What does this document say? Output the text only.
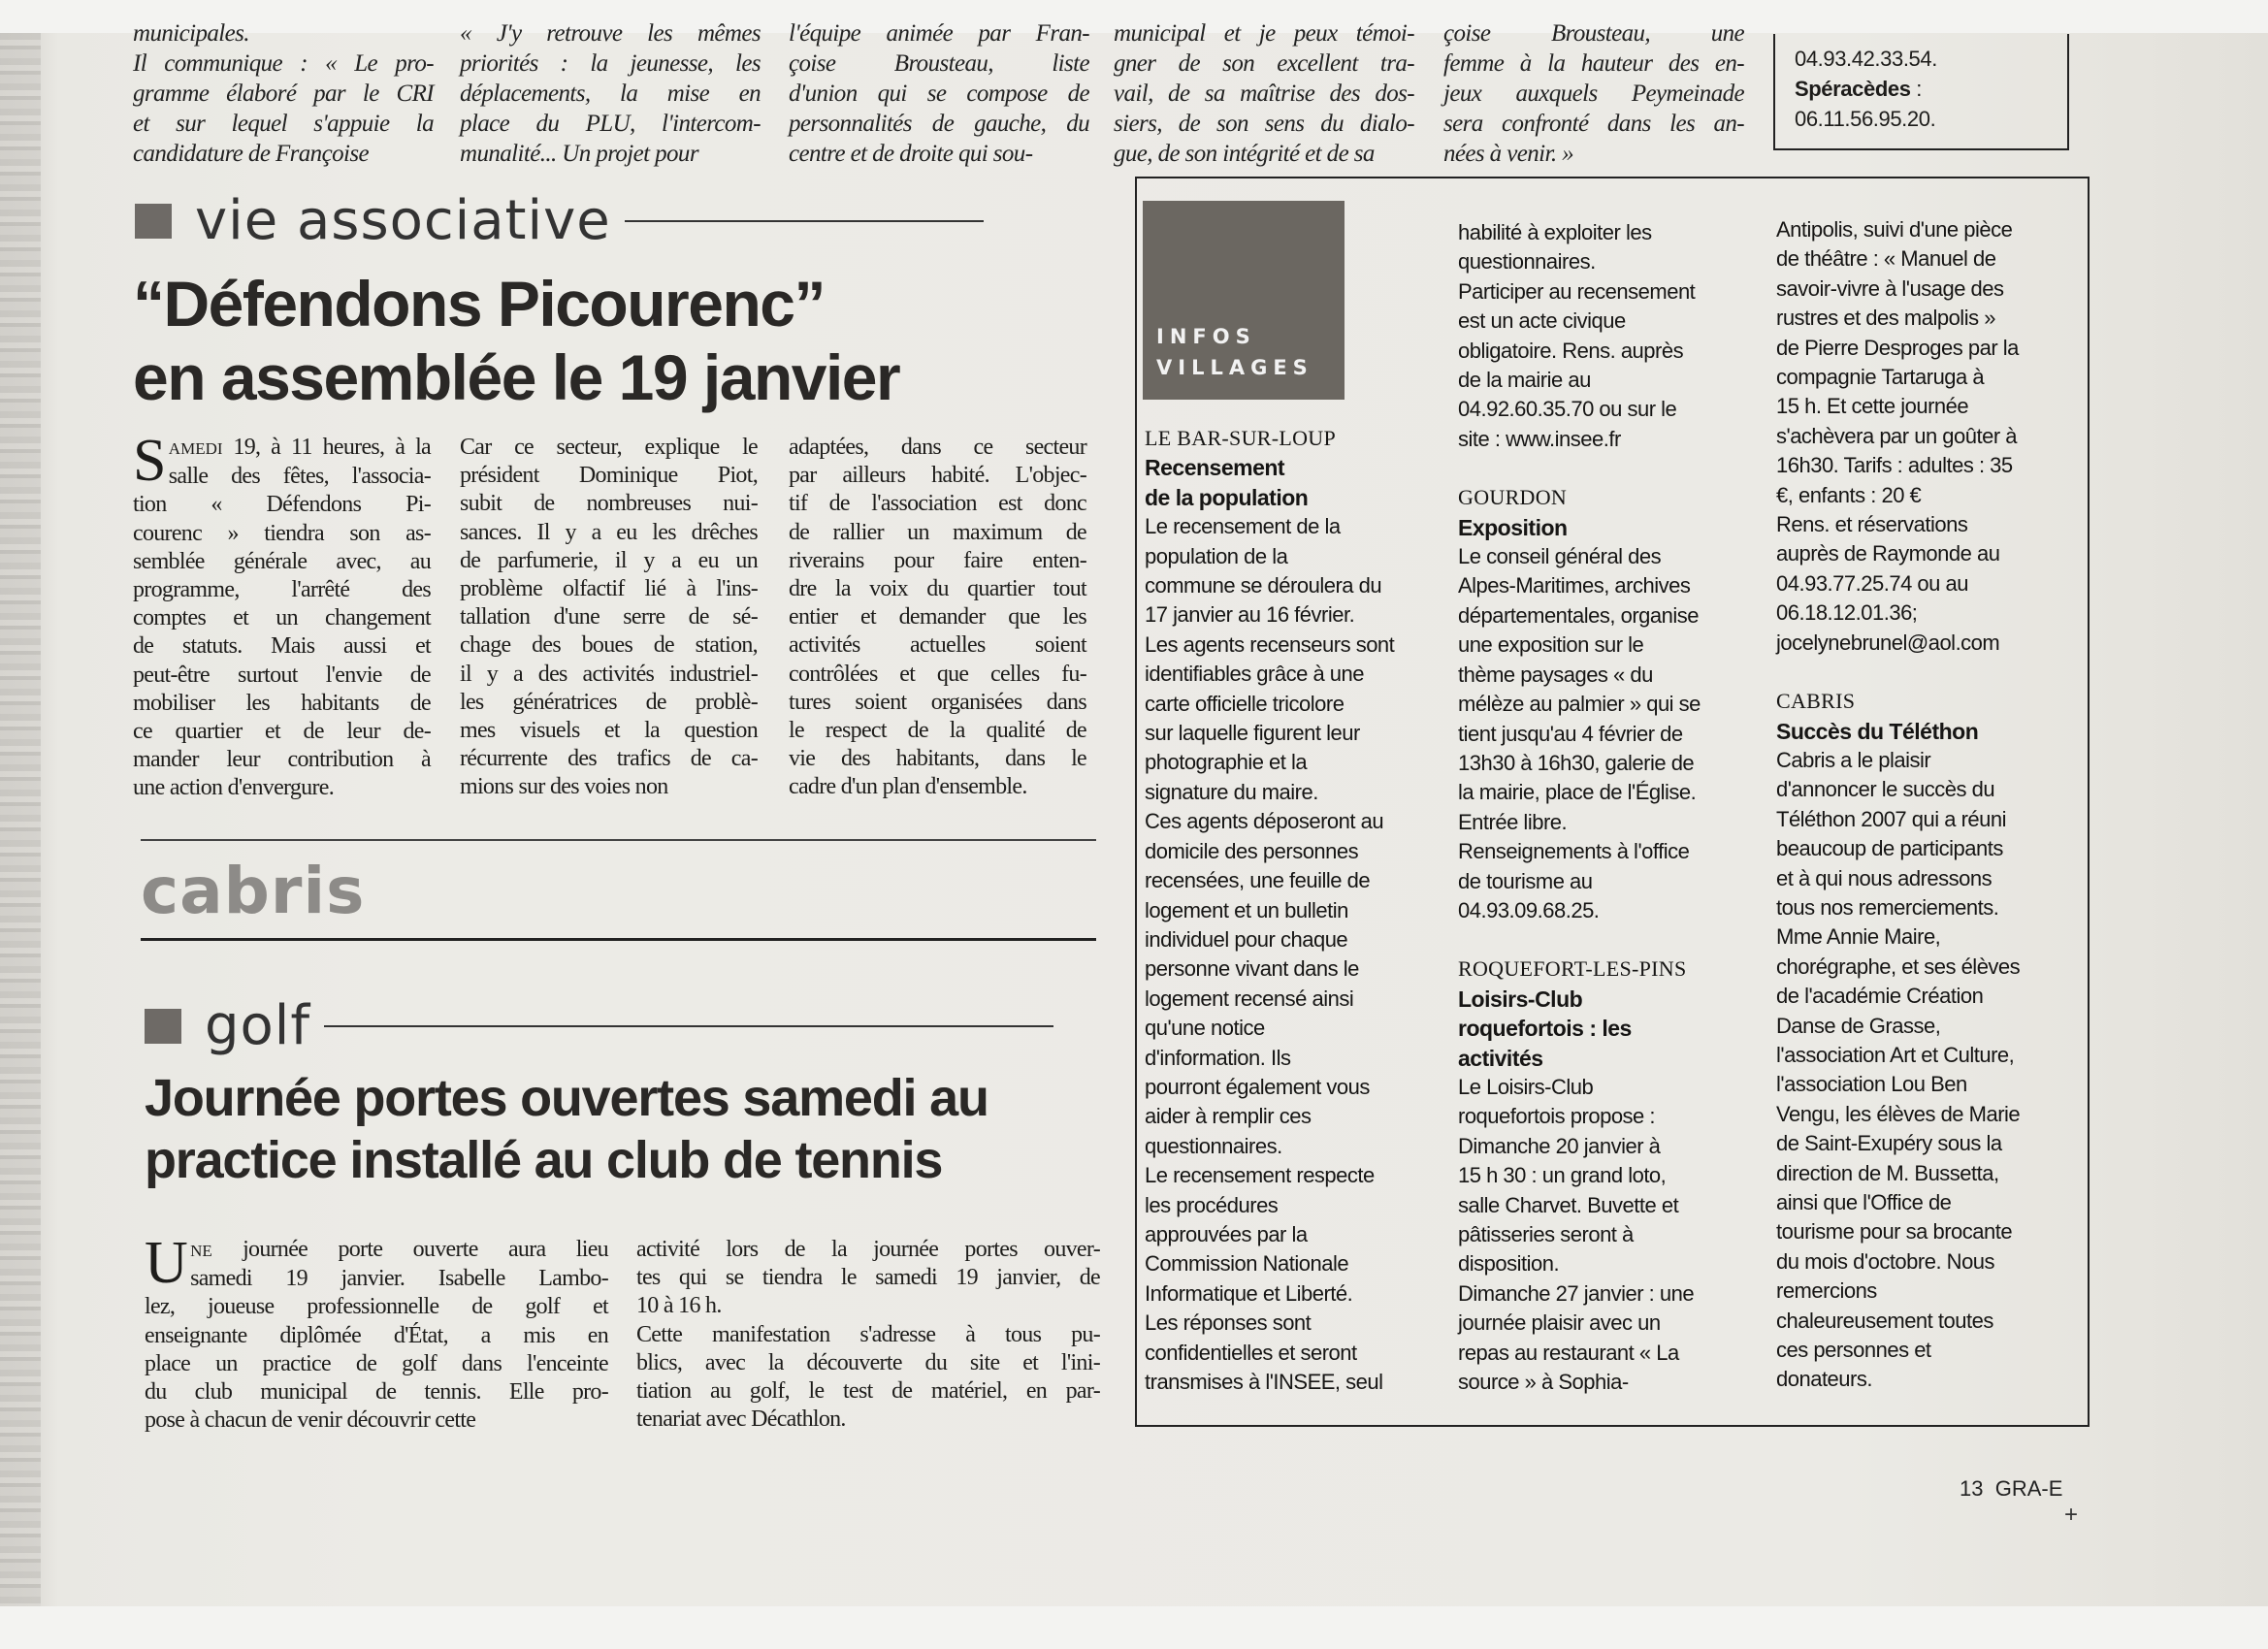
municipales.
Il communique : « Le pro-
gramme élaboré par le CRI
et sur lequel s'appuie la
candidature de Françoise
« J'y retrouve les mêmes
priorités : la jeunesse, les
déplacements, la mise en
place du PLU, l'intercom-
munalité... Un projet pour
l'équipe animée par Fran-
çoise Brousteau, liste
d'union qui se compose de
personnalités de gauche, du
centre et de droite qui sou-
municipal et je peux témoi-
gner de son excellent tra-
vail, de sa maîtrise des dos-
siers, de son sens du dialo-
gue, de son intégrité et de sa
çoise Brousteau, une
femme à la hauteur des en-
jeux auxquels Peymeinade
sera confronté dans les an-
nées à venir. »
04.93.42.33.54.
Spéracèdes :
06.11.56.95.20.
vie associative
“Défendons Picourenc”
en assemblée le 19 janvier
S AMEDI 19, à 11 heures, à la
salle des fêtes, l'associa-
tion « Défendons Pi-
courenc » tiendra son as-
semblée générale avec, au
programme, l'arrêté des
comptes et un changement
de statuts. Mais aussi et
peut-être surtout l'envie de
mobiliser les habitants de
ce quartier et de leur de-
mander leur contribution à
une action d'envergure.
Car ce secteur, explique le
président Dominique Piot,
subit de nombreuses nui-
sances. Il y a eu les drêches
de parfumerie, il y a eu un
problème olfactif lié à l'ins-
tallation d'une serre de sé-
chage des boues de station,
il y a des activités industriel-
les génératrices de problè-
mes visuels et la question
récurrente des trafics de ca-
mions sur des voies non
adaptées, dans ce secteur
par ailleurs habité. L'objec-
tif de l'association est donc
de rallier un maximum de
riverains pour faire enten-
dre la voix du quartier tout
entier et demander que les
activités actuelles soient
contrôlées et que celles fu-
tures soient organisées dans
le respect de la qualité de
vie des habitants, dans le
cadre d'un plan d'ensemble.
cabris
golf
Journée portes ouvertes samedi au
practice installé au club de tennis
U NE journée porte ouverte aura lieu
samedi 19 janvier. Isabelle Lambo-
lez, joueuse professionnelle de golf et
enseignante diplômée d'État, a mis en
place un practice de golf dans l'enceinte
du club municipal de tennis. Elle pro-
pose à chacun de venir découvrir cette
activité lors de la journée portes ouver-
tes qui se tiendra le samedi 19 janvier, de
10 à 16 h.
Cette manifestation s'adresse à tous pu-
blics, avec la découverte du site et l'ini-
tiation au golf, le test de matériel, en par-
tenariat avec Décathlon.
INFOS
VILLAGES
LE BAR-SUR-LOUP
Recensement
de la population
Le recensement de la
population de la
commune se déroulera du
17 janvier au 16 février.
Les agents recenseurs sont
identifiables grâce à une
carte officielle tricolore
sur laquelle figurent leur
photographie et la
signature du maire.
Ces agents déposeront au
domicile des personnes
recensées, une feuille de
logement et un bulletin
individuel pour chaque
personne vivant dans le
logement recensé ainsi
qu'une notice
d'information. Ils
pourront également vous
aider à remplir ces
questionnaires.
Le recensement respecte
les procédures
approuvées par la
Commission Nationale
Informatique et Liberté.
Les réponses sont
confidentielles et seront
transmises à l'INSEE, seul
habilité à exploiter les
questionnaires.
Participer au recensement
est un acte civique
obligatoire. Rens. auprès
de la mairie au
04.92.60.35.70 ou sur le
site : www.insee.fr
GOURDON
Exposition
Le conseil général des
Alpes-Maritimes, archives
départementales, organise
une exposition sur le
thème paysages « du
mélèze au palmier » qui se
tient jusqu'au 4 février de
13h30 à 16h30, galerie de
la mairie, place de l'Église.
Entrée libre.
Renseignements à l'office
de tourisme au
04.93.09.68.25.
ROQUEFORT-LES-PINS
Loisirs-Club
roquefortois : les
activités
Le Loisirs-Club
roquefortois propose :
Dimanche 20 janvier à
15 h 30 : un grand loto,
salle Charvet. Buvette et
pâtisseries seront à
disposition.
Dimanche 27 janvier : une
journée plaisir avec un
repas au restaurant « La
source » à Sophia-
Antipolis, suivi d'une pièce
de théâtre : « Manuel de
savoir-vivre à l'usage des
rustres et des malpolis »
de Pierre Desproges par la
compagnie Tartaruga à
15 h. Et cette journée
s'achèvera par un goûter à
16h30. Tarifs : adultes : 35
€, enfants : 20 €
Rens. et réservations
auprès de Raymonde au
04.93.77.25.74 ou au
06.18.12.01.36;
jocelynebrunel@aol.com
CABRIS
Succès du Téléthon
Cabris a le plaisir
d'annoncer le succès du
Téléthon 2007 qui a réuni
beaucoup de participants
et à qui nous adressons
tous nos remerciements.
Mme Annie Maire,
chorégraphe, et ses élèves
de l'académie Création
Danse de Grasse,
l'association Art et Culture,
l'association Lou Ben
Vengu, les élèves de Marie
de Saint-Exupéry sous la
direction de M. Bussetta,
ainsi que l'Office de
tourisme pour sa brocante
du mois d'octobre. Nous
remercions
chaleureusement toutes
ces personnes et
donateurs.
13 GRA-E
+
